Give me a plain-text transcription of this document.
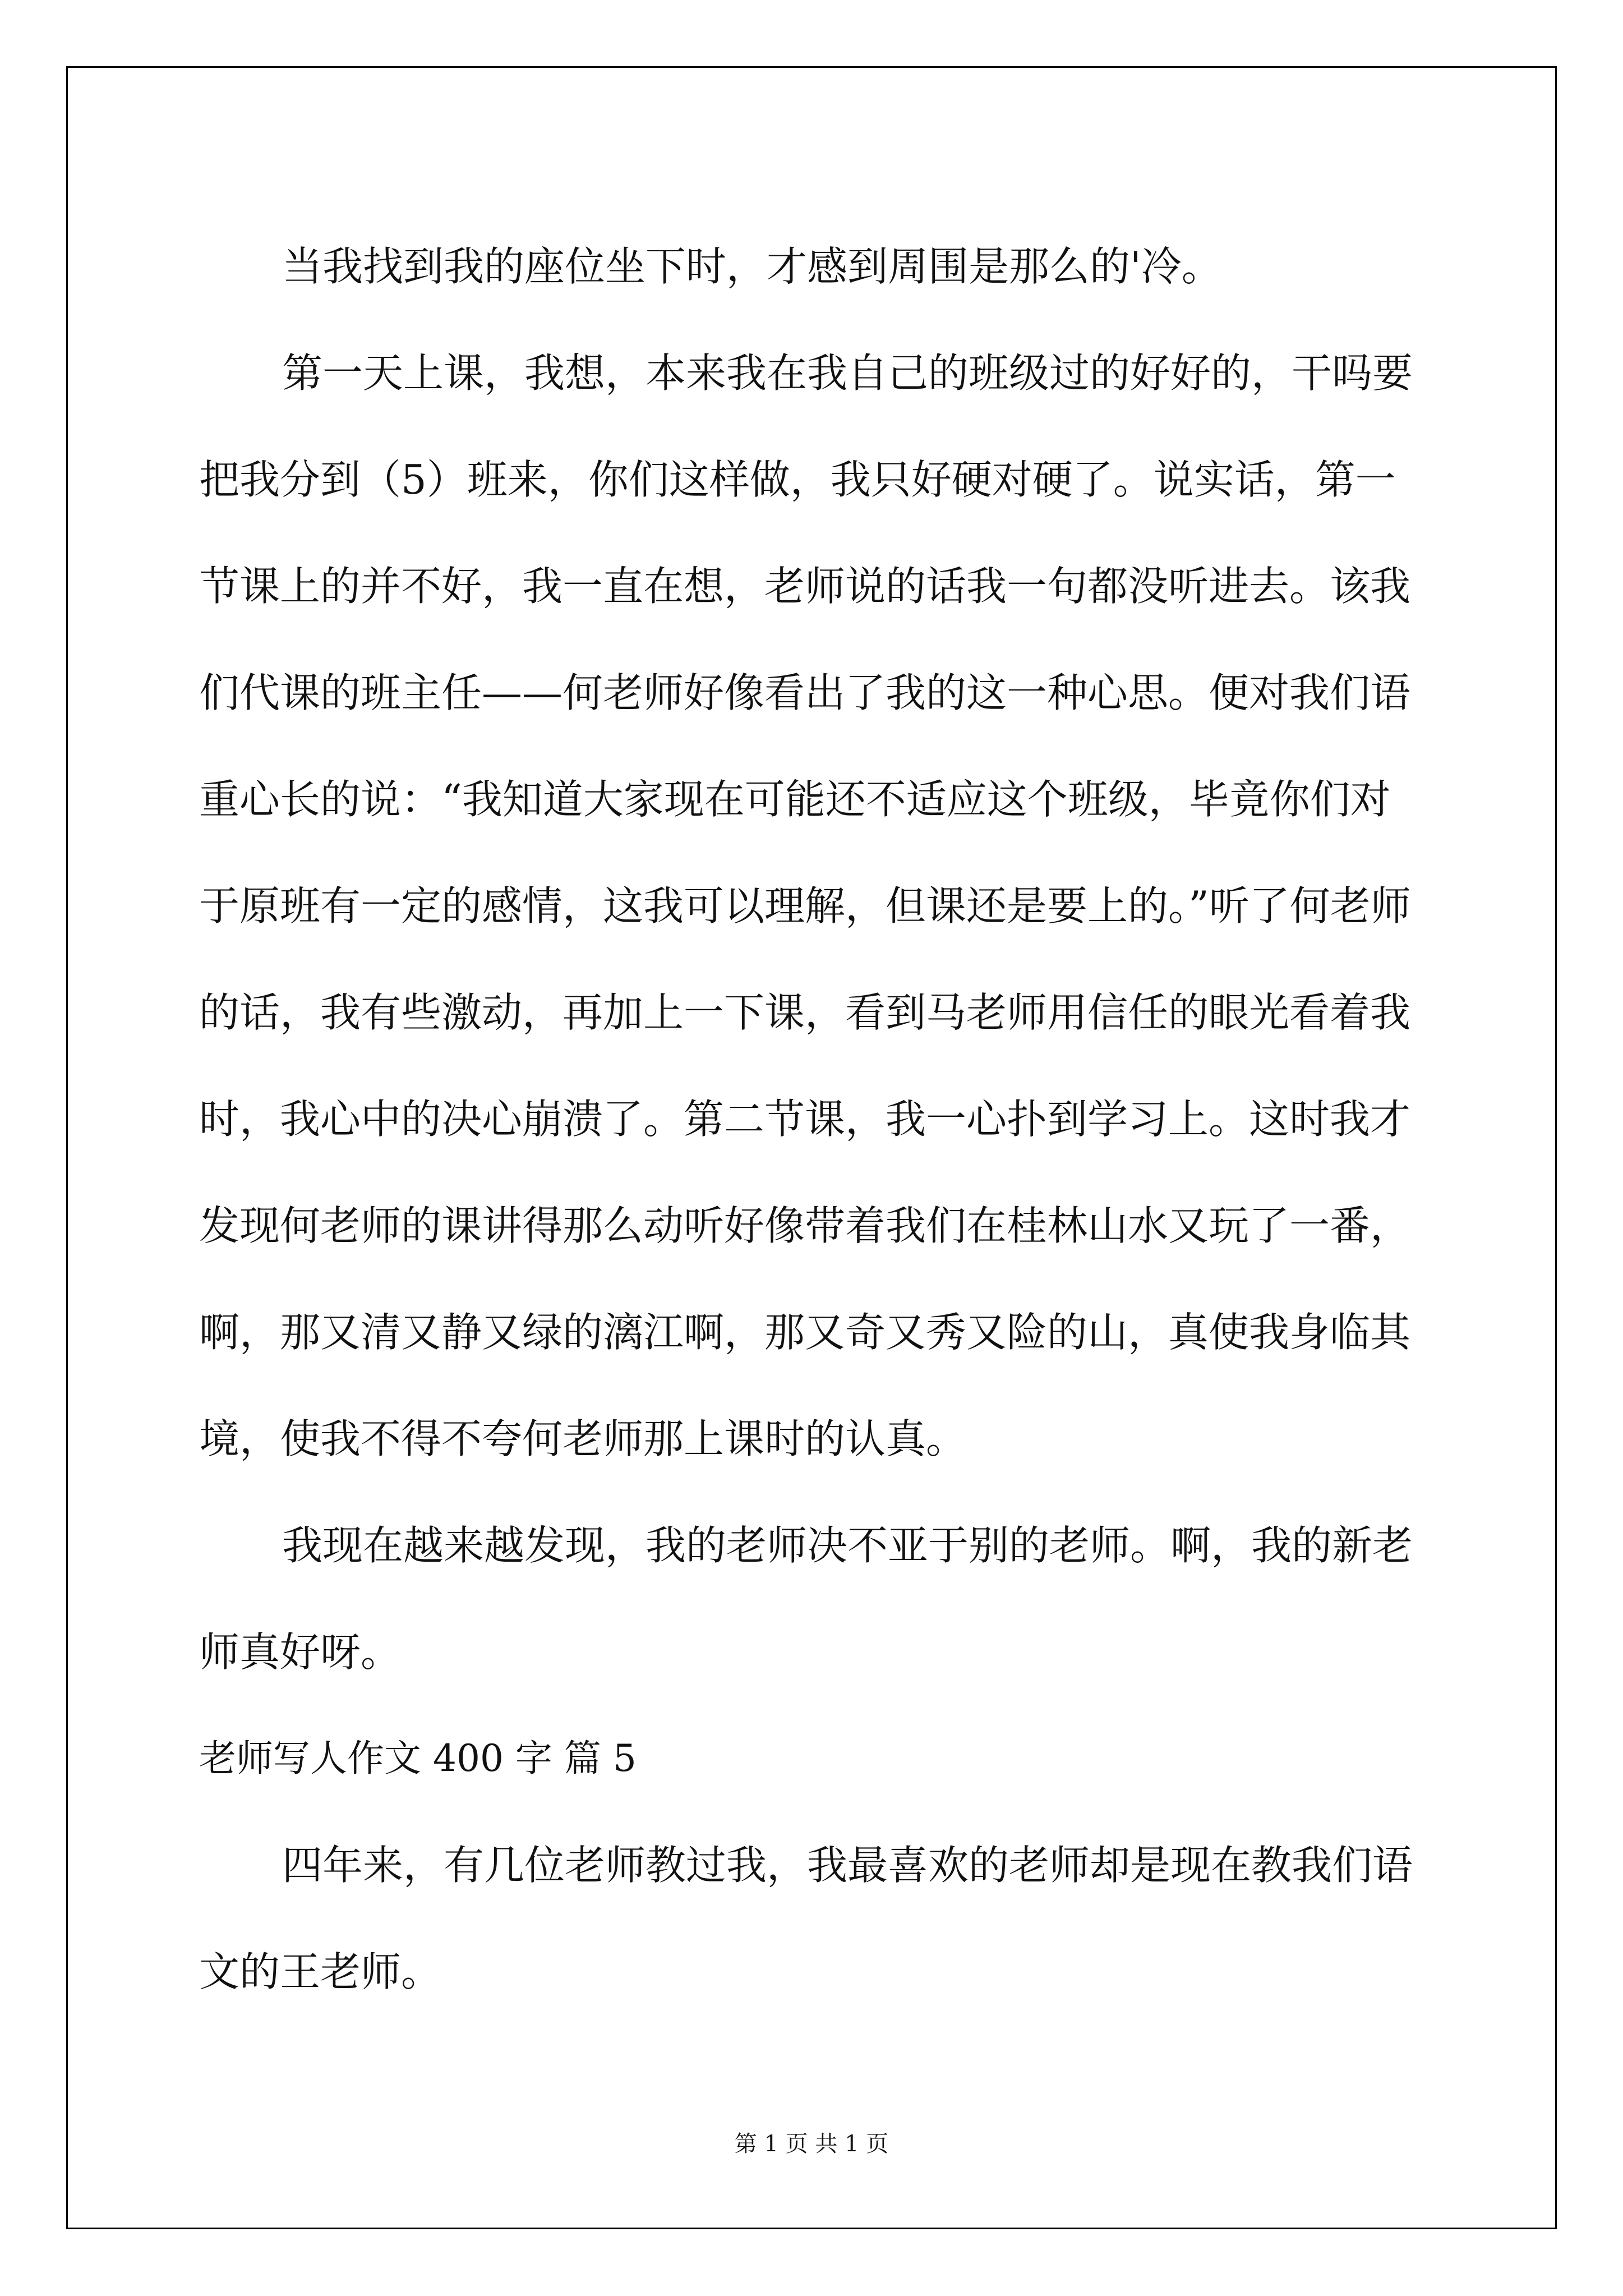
当我找到我的座位坐下时，才感到周围是那么的'冷。

第一天上课，我想，本来我在我自己的班级过的好好的，干吗要把我分到（5）班来，你们这样做，我只好硬对硬了。说实话，第一节课上的并不好，我一直在想，老师说的话我一句都没听进去。该我们代课的班主任——何老师好像看出了我的这一种心思。便对我们语重心长的说：“我知道大家现在可能还不适应这个班级，毕竟你们对于原班有一定的感情，这我可以理解，但课还是要上的。”听了何老师的话，我有些激动，再加上一下课，看到马老师用信任的眼光看着我时，我心中的决心崩溃了。第二节课，我一心扑到学习上。这时我才发现何老师的课讲得那么动听好像带着我们在桂林山水又玩了一番，啊，那又清又静又绿的漓江啊，那又奇又秀又险的山，真使我身临其境，使我不得不夸何老师那上课时的认真。

我现在越来越发现，我的老师决不亚于别的老师。啊，我的新老师真好呀。

老师写人作文 400 字 篇 5

四年来，有几位老师教过我，我最喜欢的老师却是现在教我们语文的王老师。

第 1 页 共 1 页
